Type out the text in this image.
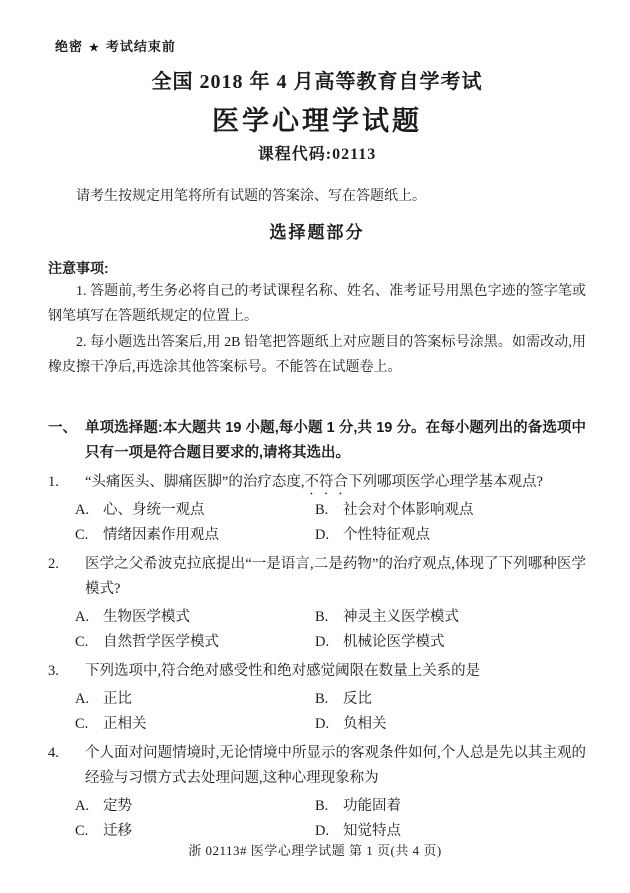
绝密 ★ 考试结束前
全国 2018 年 4 月高等教育自学考试
医学心理学试题
课程代码:02113
请考生按规定用笔将所有试题的答案涂、写在答题纸上。
选择题部分
注意事项:
1. 答题前,考生务必将自己的考试课程名称、姓名、准考证号用黑色字迹的签字笔或钢笔填写在答题纸规定的位置上。
2. 每小题选出答案后,用 2B 铅笔把答题纸上对应题目的答案标号涂黑。如需改动,用橡皮擦干净后,再选涂其他答案标号。不能答在试题卷上。
一、 单项选择题:本大题共 19 小题,每小题 1 分,共 19 分。在每小题列出的备选项中只有一项是符合题目要求的,请将其选出。
1.	“头痛医头、脚痛医脚”的治疗态度,不符合下列哪项医学心理学基本观点?
A. 心、身统一观点	B.	社会对个体影响观点
C.	情绪因素作用观点	D. 个性特征观点
2.	医学之父希波克拉底提出“一是语言,二是药物”的治疗观点,体现了下列哪种医学模式?
A. 生物医学模式	B.	神灵主义医学模式
C.	自然哲学医学模式	D. 机械论医学模式
3.	下列选项中,符合绝对感受性和绝对感觉阈限在数量上关系的是
A. 正比	B.	反比
C.	正相关	D. 负相关
4.	个人面对问题情境时,无论情境中所显示的客观条件如何,个人总是先以其主观的经验与习惯方式去处理问题,这种心理现象称为
A. 定势	B.	功能固着
C.	迁移	D. 知觉特点
浙 02113# 医学心理学试题 第 1 页(共 4 页)
